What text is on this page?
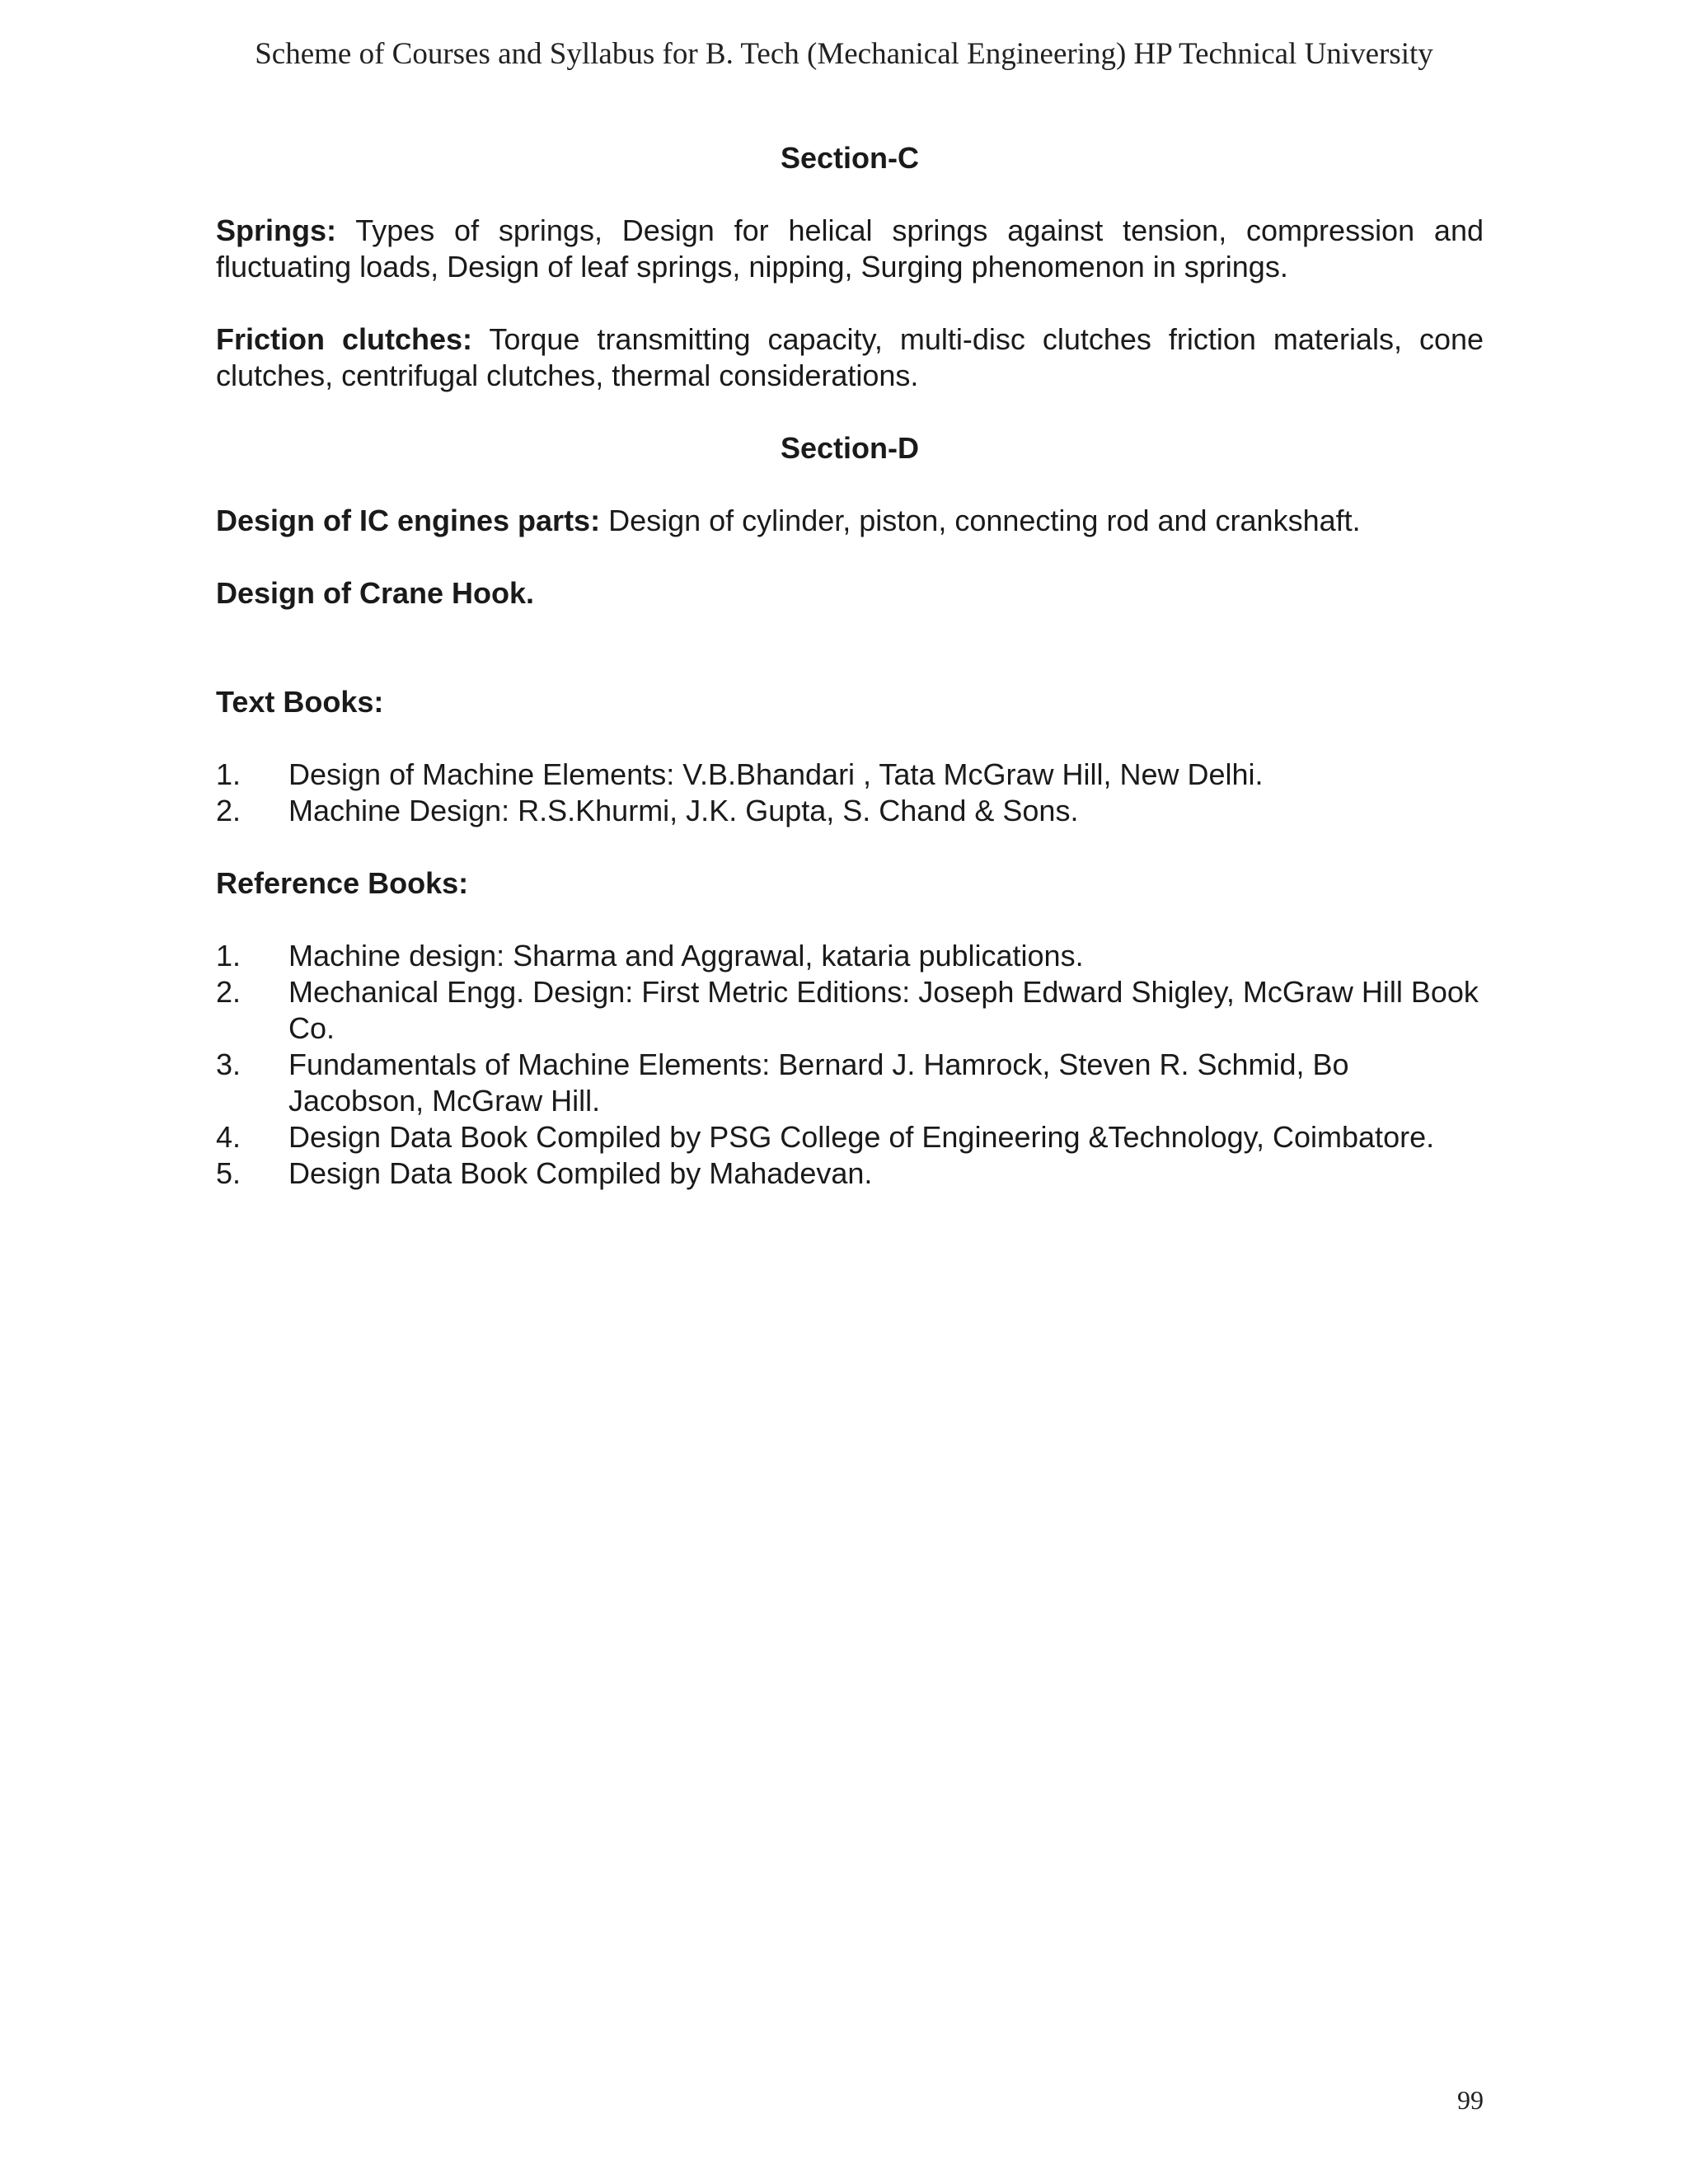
Scheme of Courses and Syllabus for B. Tech (Mechanical Engineering) HP Technical University

Section-C

Springs: Types of springs, Design for helical springs against tension, compression and fluctuating loads, Design of leaf springs, nipping, Surging phenomenon in springs.

Friction clutches: Torque transmitting capacity, multi-disc clutches friction materials, cone clutches, centrifugal clutches, thermal considerations.

Section-D

Design of IC engines parts: Design of cylinder, piston, connecting rod and crankshaft.

Design of Crane Hook.

Text Books:

1.	Design of Machine Elements: V.B.Bhandari , Tata McGraw Hill, New Delhi.
2.	Machine Design: R.S.Khurmi, J.K. Gupta, S. Chand & Sons.

Reference Books:

1.	Machine design: Sharma and Aggrawal, kataria publications.
2.	Mechanical Engg. Design: First Metric Editions: Joseph Edward Shigley, McGraw Hill Book Co.
3.	Fundamentals of Machine Elements: Bernard J. Hamrock, Steven R. Schmid, Bo Jacobson, McGraw Hill.
4.	Design Data Book Compiled by PSG College of Engineering &Technology, Coimbatore.
5.	Design Data Book Compiled by Mahadevan.
99
